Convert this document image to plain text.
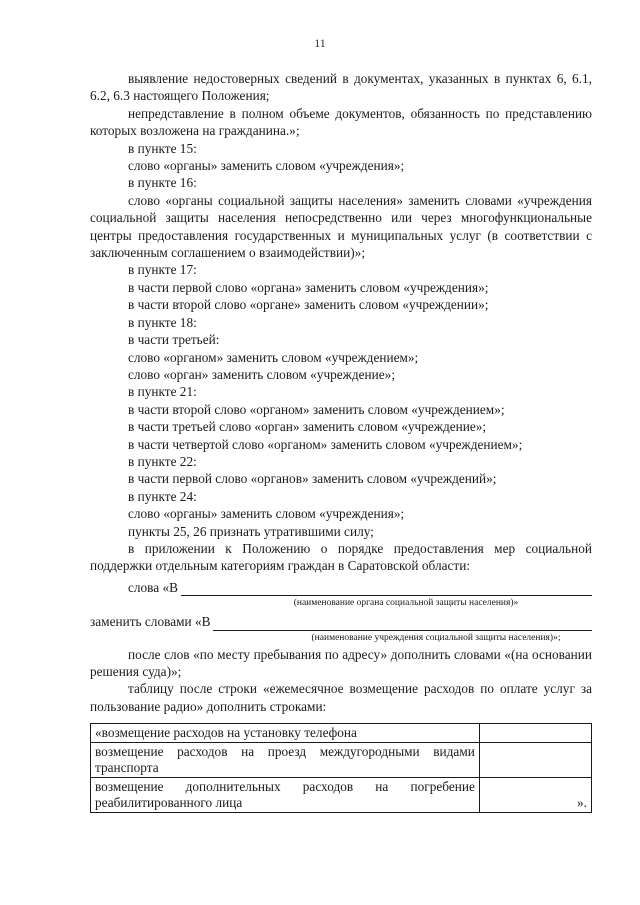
11

выявление недостоверных сведений в документах, указанных в пунктах 6, 6.1, 6.2, 6.3 настоящего Положения;

непредставление в полном объеме документов, обязанность по представлению которых возложена на гражданина.»;

в пункте 15:

слово «органы» заменить словом «учреждения»;

в пункте 16:

слово «органы социальной защиты населения» заменить словами «учреждения социальной защиты населения непосредственно или через многофункциональные центры предоставления государственных и муниципальных услуг (в соответствии с заключенным соглашением о взаимодействии)»;

в пункте 17:

в части первой слово «органа» заменить словом «учреждения»;

в части второй слово «органе» заменить словом «учреждении»;

в пункте 18:

в части третьей:

слово «органом» заменить словом «учреждением»;

слово «орган» заменить словом «учреждение»;

в пункте 21:

в части второй слово «органом» заменить словом «учреждением»;

в части третьей слово «орган» заменить словом «учреждение»;

в части четвертой слово «органом» заменить словом «учреждением»;

в пункте 22:

в части первой слово «органов» заменить словом «учреждений»;

в пункте 24:

слово «органы» заменить словом «учреждения»;

пункты 25, 26 признать утратившими силу;

в приложении к Положению о порядке предоставления мер социальной поддержки отдельным категориям граждан в Саратовской области:

слова «В
(наименование органа социальной защиты населения)»
заменить словами «В
(наименование учреждения социальной защиты населения)»;

после слов «по месту пребывания по адресу» дополнить словами «(на основании решения суда)»;

таблицу после строки «ежемесячное возмещение расходов по оплате услуг за пользование радио» дополнить строками:

«возмещение расходов на установку телефона	
возмещение расходов на проезд междугородными видами транспорта	
возмещение дополнительных расходов на погребение реабилитированного лица	».
